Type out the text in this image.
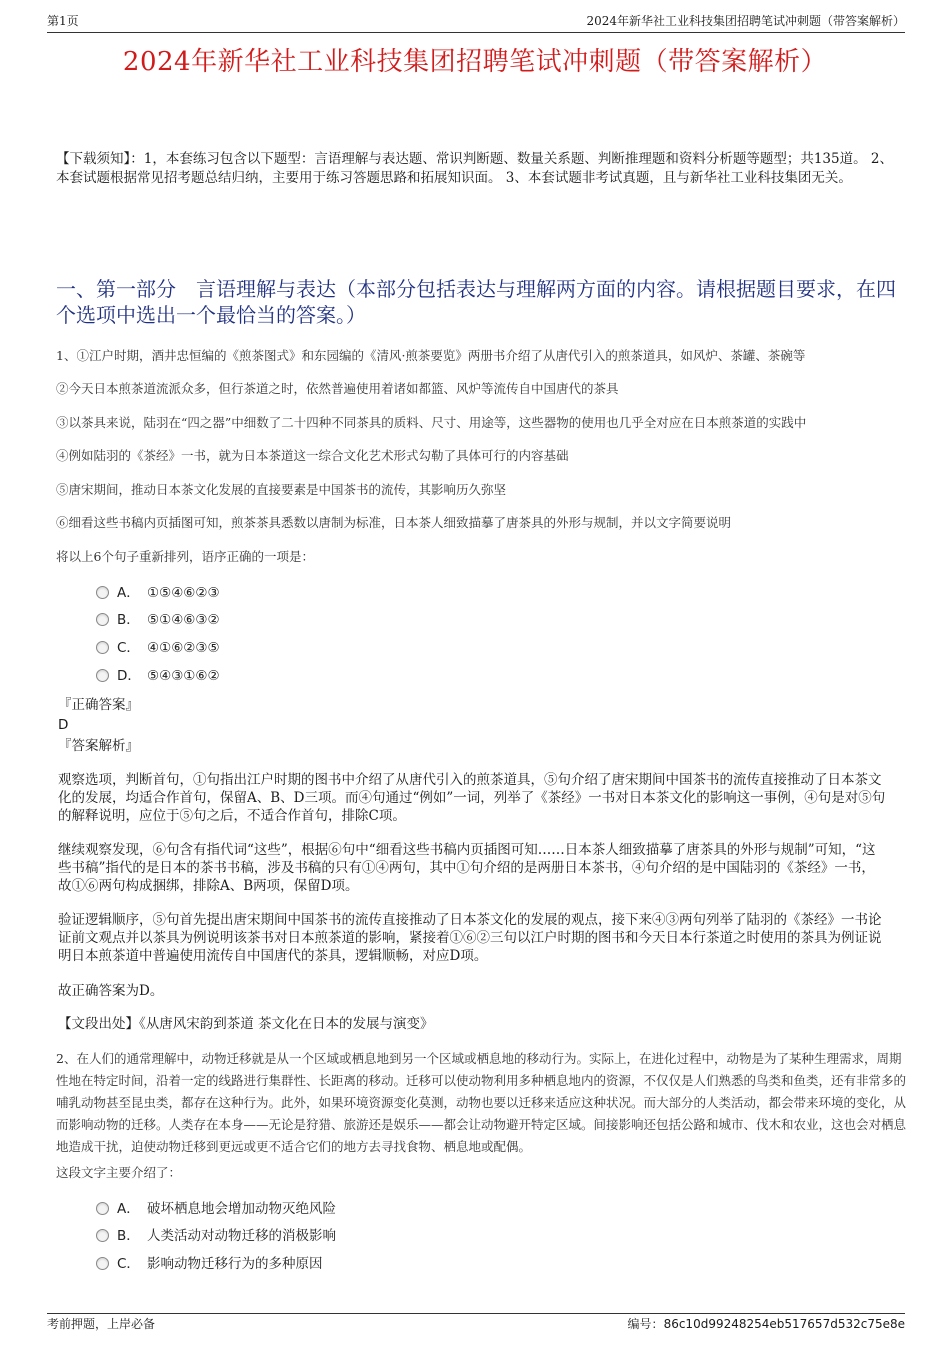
第1页	2024年新华社工业科技集团招聘笔试冲刺题（带答案解析）
2024年新华社工业科技集团招聘笔试冲刺题（带答案解析）
【下载须知】：1，本套练习包含以下题型：言语理解与表达题、常识判断题、数量关系题、判断推理题和资料分析题等题型；共135道。 2、本套试题根据常见招考题总结归纳，主要用于练习答题思路和拓展知识面。 3、本套试题非考试真题，且与新华社工业科技集团无关。
一、第一部分　言语理解与表达（本部分包括表达与理解两方面的内容。请根据题目要求，在四个选项中选出一个最恰当的答案。）
1、①江户时期，酒井忠恒编的《煎茶图式》和东园编的《清风·煎茶要览》两册书介绍了从唐代引入的煎茶道具，如风炉、茶罐、茶碗等
②今天日本煎茶道流派众多，但行茶道之时，依然普遍使用着诸如都篮、风炉等流传自中国唐代的茶具
③以茶具来说，陆羽在“四之器”中细数了二十四种不同茶具的质料、尺寸、用途等，这些器物的使用也几乎全对应在日本煎茶道的实践中
④例如陆羽的《茶经》一书，就为日本茶道这一综合文化艺术形式勾勒了具体可行的内容基础
⑤唐宋期间，推动日本茶文化发展的直接要素是中国茶书的流传，其影响历久弥坚
⑥细看这些书稿内页插图可知，煎茶茶具悉数以唐制为标准，日本茶人细致描摹了唐茶具的外形与规制，并以文字简要说明
将以上6个句子重新排列，语序正确的一项是：
A． ①⑤④⑥②③
B． ⑤①④⑥③②
C． ④①⑥②③⑤
D． ⑤④③①⑥②
『正确答案』
D
『答案解析』
观察选项，判断首句，①句指出江户时期的图书中介绍了从唐代引入的煎茶道具，⑤句介绍了唐宋期间中国茶书的流传直接推动了日本茶文化的发展，均适合作首句，保留A、B、D三项。而④句通过“例如”一词，列举了《茶经》一书对日本茶文化的影响这一事例，④句是对⑤句的解释说明，应位于⑤句之后，不适合作首句，排除C项。
继续观察发现，⑥句含有指代词“这些”，根据⑥句中“细看这些书稿内页插图可知……日本茶人细致描摹了唐茶具的外形与规制”可知，“这些书稿”指代的是日本的茶书书稿，涉及书稿的只有①④两句，其中①句介绍的是两册日本茶书，④句介绍的是中国陆羽的《茶经》一书，故①⑥两句构成捆绑，排除A、B两项，保留D项。
验证逻辑顺序，⑤句首先提出唐宋期间中国茶书的流传直接推动了日本茶文化的发展的观点，接下来④③两句列举了陆羽的《茶经》一书论证前文观点并以茶具为例说明该茶书对日本煎茶道的影响，紧接着①⑥②三句以江户时期的图书和今天日本行茶道之时使用的茶具为例证说明日本煎茶道中普遍使用流传自中国唐代的茶具，逻辑顺畅，对应D项。
故正确答案为D。
【文段出处】《从唐风宋韵到茶道 茶文化在日本的发展与演变》
2、在人们的通常理解中，动物迁移就是从一个区域或栖息地到另一个区域或栖息地的移动行为。实际上，在进化过程中，动物是为了某种生理需求，周期性地在特定时间，沿着一定的线路进行集群性、长距离的移动。迁移可以使动物利用多种栖息地内的资源，不仅仅是人们熟悉的鸟类和鱼类，还有非常多的哺乳动物甚至昆虫类，都存在这种行为。此外，如果环境资源变化莫测，动物也要以迁移来适应这种状况。而大部分的人类活动，都会带来环境的变化，从而影响动物的迁移。人类存在本身——无论是狩猎、旅游还是娱乐——都会让动物避开特定区域。间接影响还包括公路和城市、伐木和农业，这也会对栖息地造成干扰，迫使动物迁移到更远或更不适合它们的地方去寻找食物、栖息地或配偶。
这段文字主要介绍了：
A． 破坏栖息地会增加动物灭绝风险
B． 人类活动对动物迁移的消极影响
C． 影响动物迁移行为的多种原因
考前押题，上岸必备	编号：86c10d99248254eb517657d532c75e8e
